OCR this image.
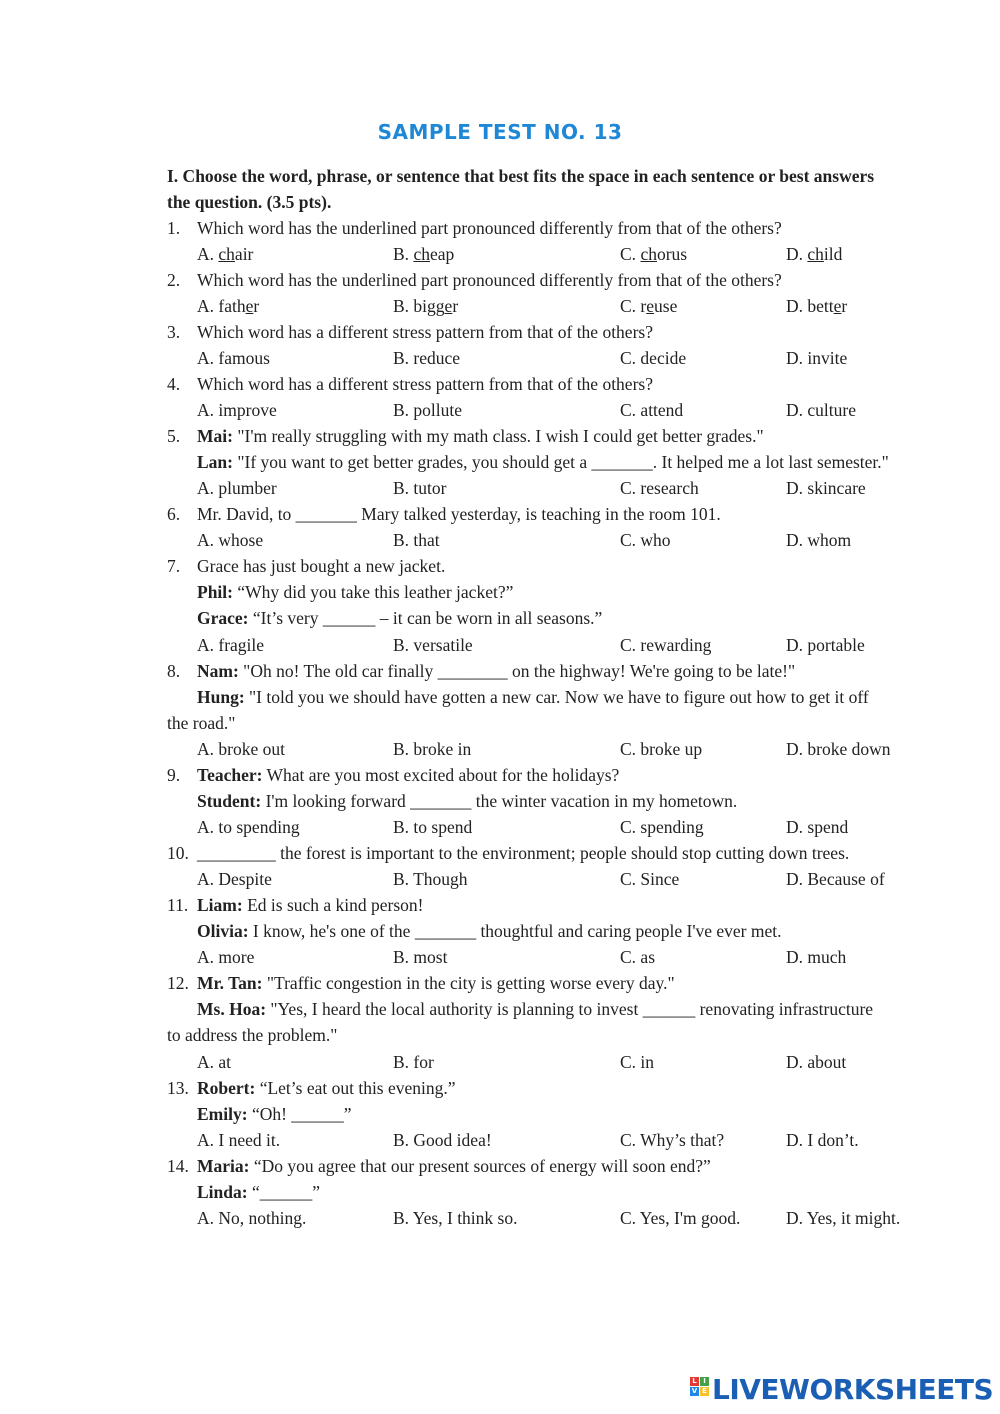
SAMPLE TEST NO. 13
I. Choose the word, phrase, or sentence that best fits the space in each sentence or best answers
the question. (3.5 pts).
1. Which word has the underlined part pronounced differently from that of the others?
A. chair	B. cheap	C. chorus	D. child
2. Which word has the underlined part pronounced differently from that of the others?
A. father	B. bigger	C. reuse	D. better
3. Which word has a different stress pattern from that of the others?
A. famous	B. reduce	C. decide	D. invite
4. Which word has a different stress pattern from that of the others?
A. improve	B. pollute	C. attend	D. culture
5. Mai: "I'm really struggling with my math class. I wish I could get better grades."
Lan: "If you want to get better grades, you should get a _______. It helped me a lot last semester."
A. plumber	B. tutor	C. research	D. skincare
6. Mr. David, to _______ Mary talked yesterday, is teaching in the room 101.
A. whose	B. that	C. who	D. whom
7. Grace has just bought a new jacket.
Phil: “Why did you take this leather jacket?”
Grace: “It’s very ______ – it can be worn in all seasons.”
A. fragile	B. versatile	C. rewarding	D. portable
8. Nam: "Oh no! The old car finally ________ on the highway! We're going to be late!"
Hung: "I told you we should have gotten a new car. Now we have to figure out how to get it off
the road."
A. broke out	B. broke in	C. broke up	D. broke down
9. Teacher: What are you most excited about for the holidays?
Student: I'm looking forward _______ the winter vacation in my hometown.
A. to spending	B. to spend	C. spending	D. spend
10. _________ the forest is important to the environment; people should stop cutting down trees.
A. Despite	B. Though	C. Since	D. Because of
11. Liam: Ed is such a kind person!
Olivia: I know, he's one of the _______ thoughtful and caring people I've ever met.
A. more	B. most	C. as	D. much
12. Mr. Tan: "Traffic congestion in the city is getting worse every day."
Ms. Hoa: "Yes, I heard the local authority is planning to invest ______ renovating infrastructure
to address the problem."
A. at	B. for	C. in	D. about
13. Robert: “Let’s eat out this evening.”
Emily: “Oh! ______”
A. I need it.	B. Good idea!	C. Why’s that?	D. I don’t.
14. Maria: “Do you agree that our present sources of energy will soon end?”
Linda: “______”
A. No, nothing.	B. Yes, I think so.	C. Yes, I'm good.	D. Yes, it might.
L I
V E LIVEWORKSHEETS
